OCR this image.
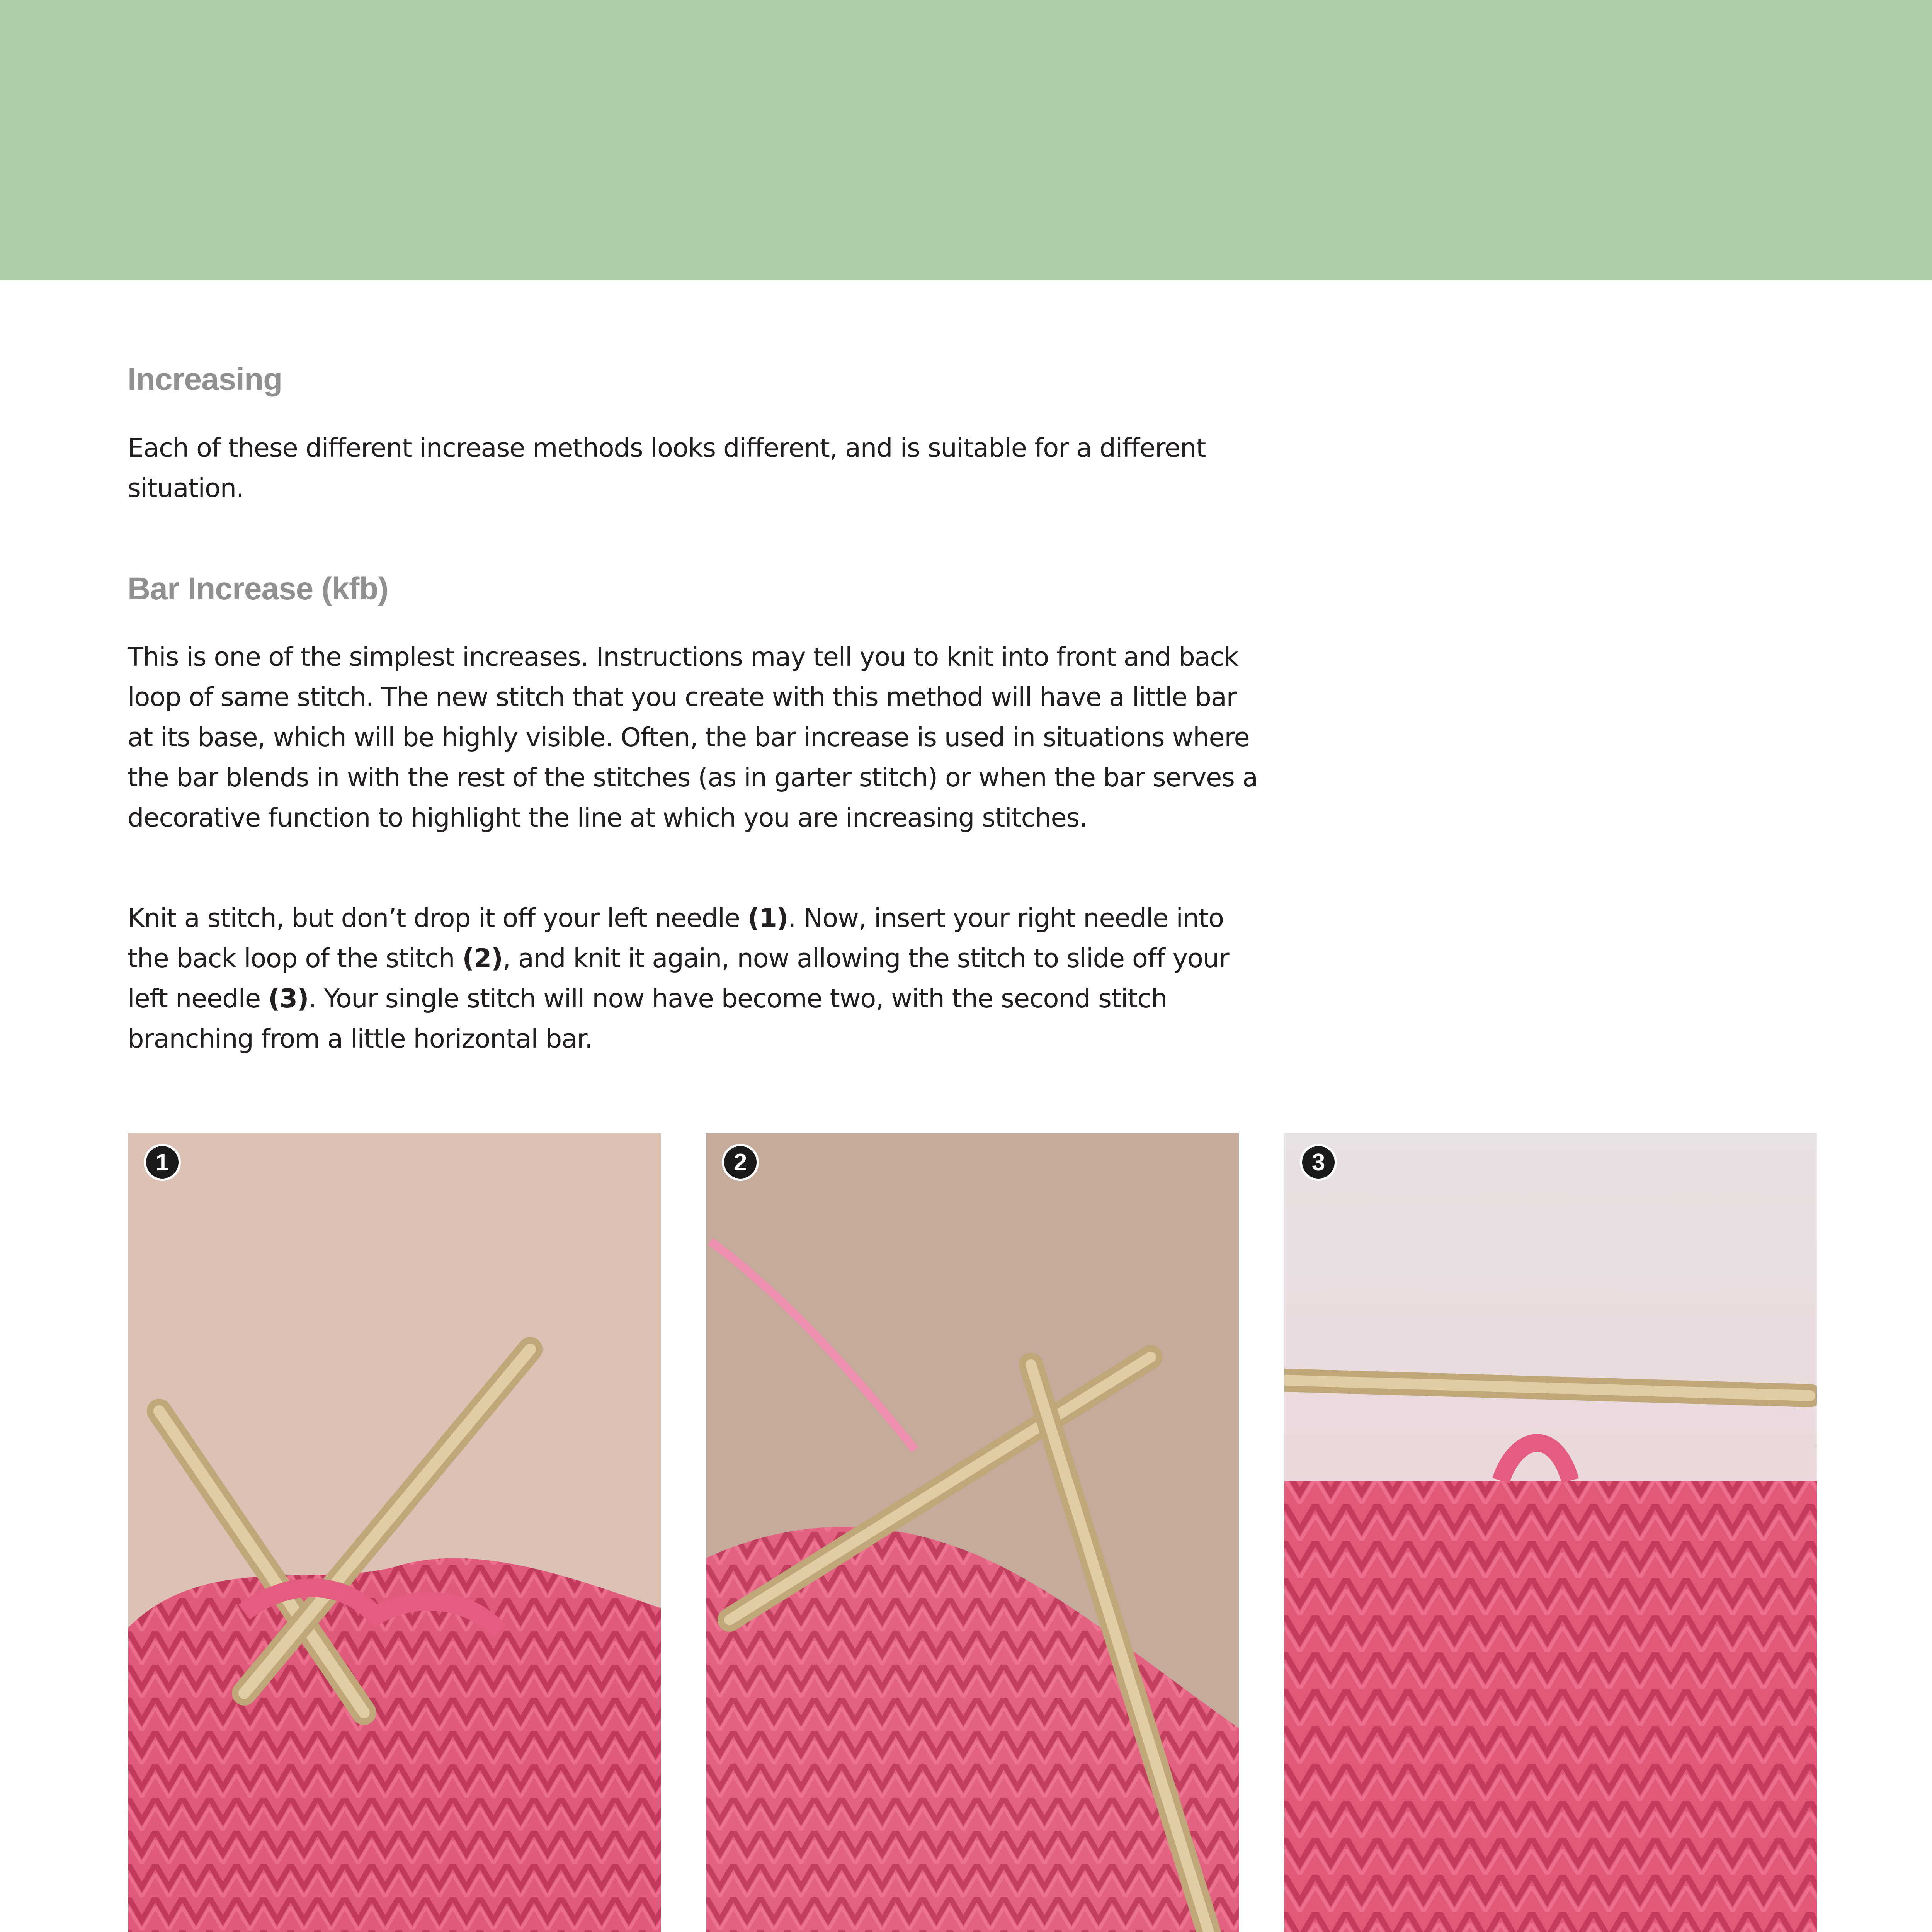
Increasing

Each of these different increase methods looks different, and is suitable for a different situation.

Bar Increase (kfb)

This is one of the simplest increases. Instructions may tell you to knit into front and back loop of same stitch. The new stitch that you create with this method will have a little bar at its base, which will be highly visible. Often, the bar increase is used in situations where the bar blends in with the rest of the stitches (as in garter stitch) or when the bar serves a decorative function to highlight the line at which you are increasing stitches.

Knit a stitch, but don’t drop it off your left needle (1). Now, insert your right needle into the back loop of the stitch (2), and knit it again, now allowing the stitch to slide off your left needle (3). Your single stitch will now have become two, with the second stitch branching from a little horizontal bar.

1	2	3
